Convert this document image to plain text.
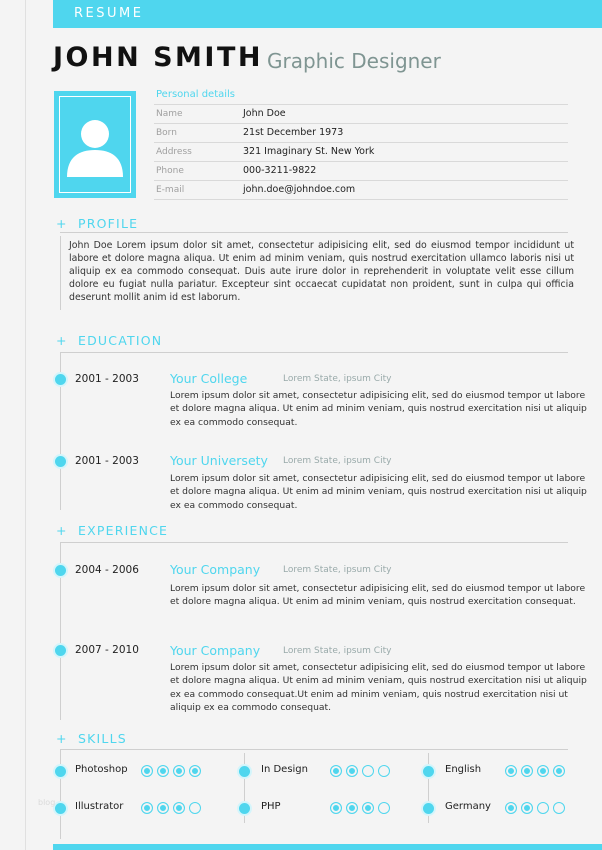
RESUME
JOHN SMITH Graphic Designer
Personal details
Name	John Doe
Born	21st December 1973
Address	321 Imaginary St. New York
Phone	000-3211-9822
E-mail	john.doe@johndoe.com
+ PROFILE
John Doe Lorem ipsum dolor sit amet, consectetur adipisicing elit, sed do eiusmod tempor incididunt ut labore et dolore magna aliqua. Ut enim ad minim veniam, quis nostrud exercitation ullamco laboris nisi ut aliquip ex ea commodo consequat. Duis aute irure dolor in reprehenderit in voluptate velit esse cillum dolore eu fugiat nulla pariatur. Excepteur sint occaecat cupidatat non proident, sunt in culpa qui officia deserunt mollit anim id est laborum.
+ EDUCATION
2001 - 2003 Your College	Lorem State, ipsum City
Lorem ipsum dolor sit amet, consectetur adipisicing elit, sed do eiusmod tempor ut labore et dolore magna aliqua. Ut enim ad minim veniam, quis nostrud exercitation nisi ut aliquip ex ea commodo consequat.
2001 - 2003 Your Universety Lorem State, ipsum City
Lorem ipsum dolor sit amet, consectetur adipisicing elit, sed do eiusmod tempor ut labore et dolore magna aliqua. Ut enim ad minim veniam, quis nostrud exercitation nisi ut aliquip ex ea commodo consequat.
+ EXPERIENCE
2004 - 2006 Your Company	Lorem State, ipsum City
Lorem ipsum dolor sit amet, consectetur adipisicing elit, sed do eiusmod tempor ut labore et dolore magna aliqua. Ut enim ad minim veniam, quis nostrud exercitation consequat.
2007 - 2010 Your Company	Lorem State, ipsum City
Lorem ipsum dolor sit amet, consectetur adipisicing elit, sed do eiusmod tempor ut labore et dolore magna aliqua. Ut enim ad minim veniam, quis nostrud exercitation nisi ut aliquip ex ea commodo consequat.Ut enim ad minim veniam, quis nostrud exercitation nisi ut aliquip ex ea commodo consequat.
+ SKILLS
Photoshop	In Design	English
Illustrator	PHP	Germany
blog
